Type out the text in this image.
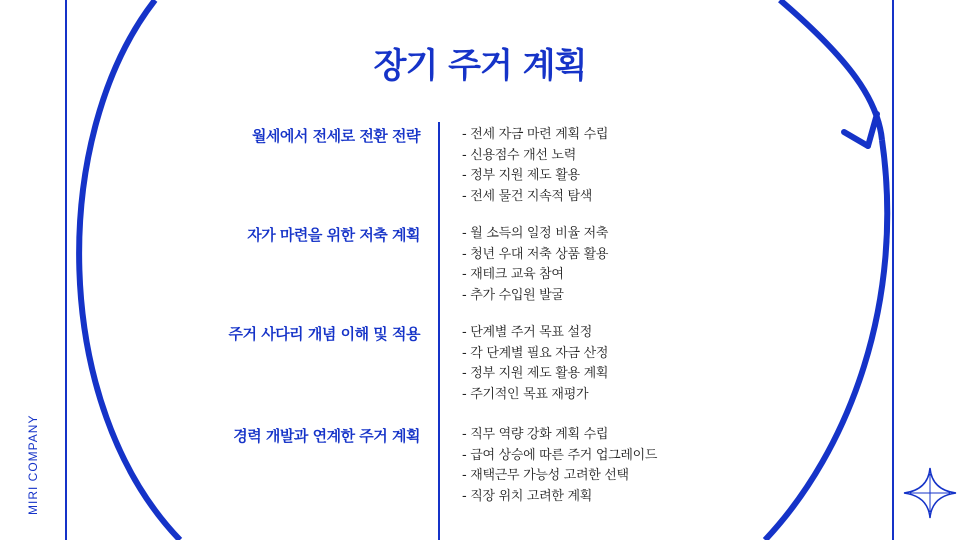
장기 주거 계획
월세에서 전세로 전환 전략	- 전세 자금 마련 계획 수립
- 신용점수 개선 노력
- 정부 지원 제도 활용
- 전세 물건 지속적 탐색
자가 마련을 위한 저축 계획	- 월 소득의 일정 비율 저축
- 청년 우대 저축 상품 활용
- 재테크 교육 참여
- 추가 수입원 발굴
주거 사다리 개념 이해 및 적용	- 단계별 주거 목표 설정
- 각 단계별 필요 자금 산정
- 정부 지원 제도 활용 계획
- 주기적인 목표 재평가
경력 개발과 연계한 주거 계획	- 직무 역량 강화 계획 수립
- 급여 상승에 따른 주거 업그레이드
- 재택근무 가능성 고려한 선택
- 직장 위치 고려한 계획
MIRI COMPANY
